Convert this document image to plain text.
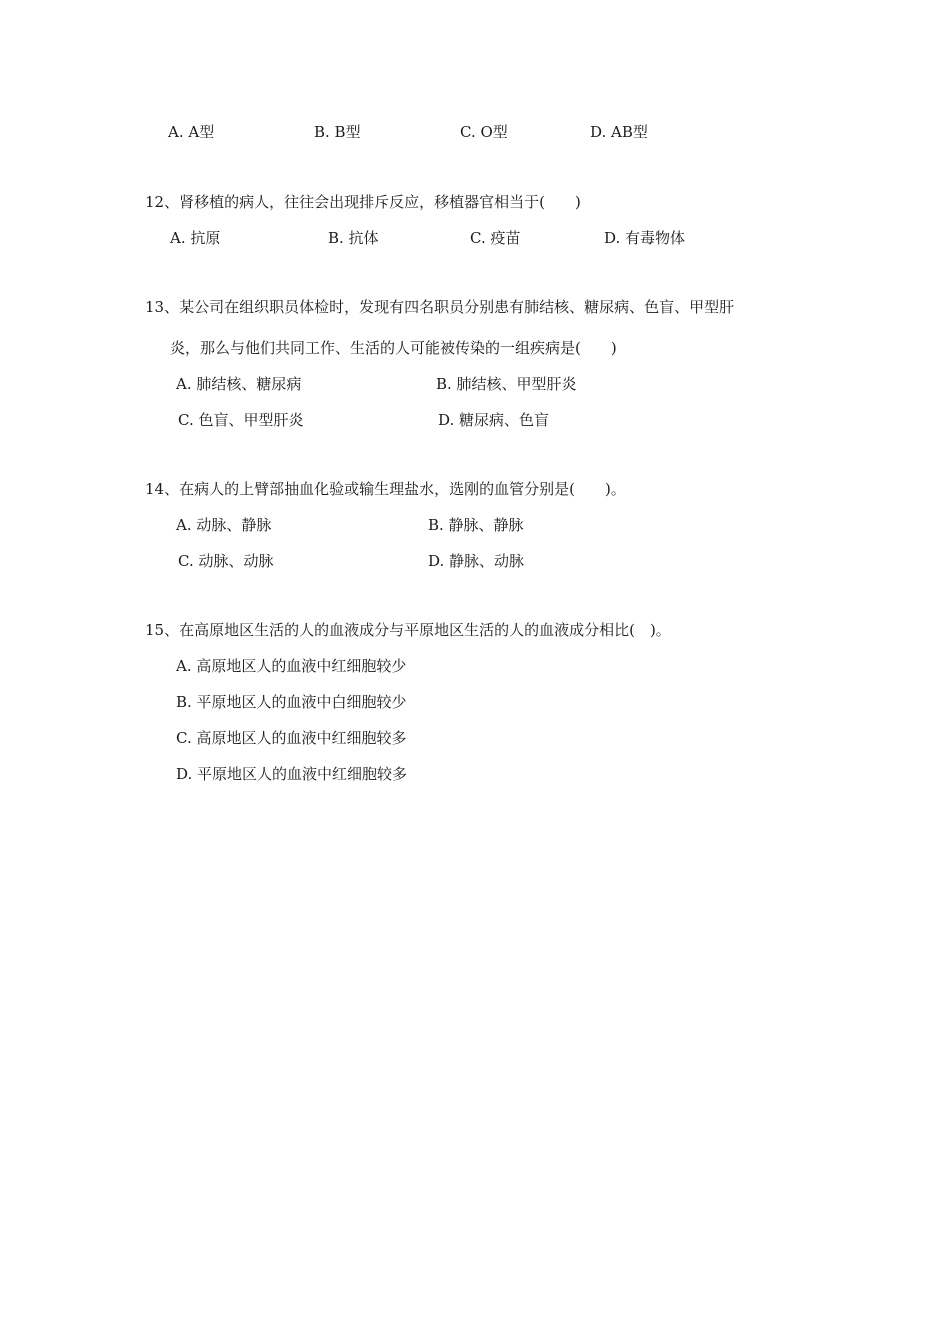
A. A型	B. B型	C. O型	D. AB型
12、肾移植的病人，往往会出现排斥反应，移植器官相当于(　　)
A. 抗原	B. 抗体	C. 疫苗	D. 有毒物体
13、某公司在组织职员体检时，发现有四名职员分别患有肺结核、糖尿病、色盲、甲型肝
炎，那么与他们共同工作、生活的人可能被传染的一组疾病是(　　)
A. 肺结核、糖尿病	B. 肺结核、甲型肝炎
C. 色盲、甲型肝炎	D. 糖尿病、色盲
14、在病人的上臂部抽血化验或输生理盐水，选刚的血管分别是(　　)。
A. 动脉、静脉	B. 静脉、静脉
C. 动脉、动脉	D. 静脉、动脉
15、在高原地区生活的人的血液成分与平原地区生活的人的血液成分相比(　)。
A. 高原地区人的血液中红细胞较少
B. 平原地区人的血液中白细胞较少
C. 高原地区人的血液中红细胞较多
D. 平原地区人的血液中红细胞较多
